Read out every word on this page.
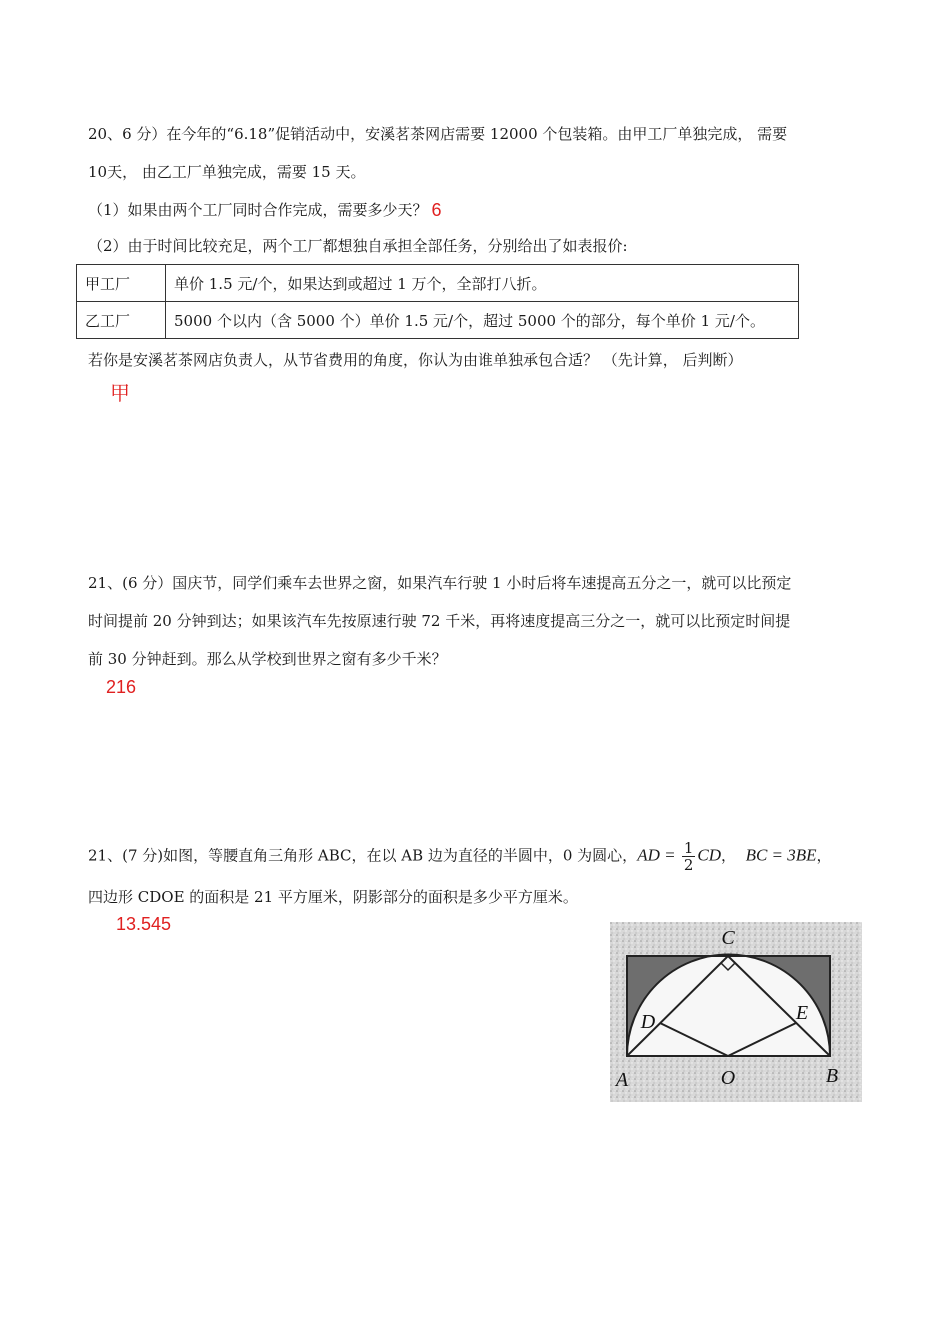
20、6 分）在今年的“6.18”促销活动中，安溪茗茶网店需要 12000 个包装箱。由甲工厂单独完成， 需要
10天， 由乙工厂单独完成，需要 15 天。
（1）如果由两个工厂同时合作完成，需要多少天？ 6
（2）由于时间比较充足，两个工厂都想独自承担全部任务，分别给出了如表报价:
甲工厂	单价 1.5 元/个，如果达到或超过 1 万个，全部打八折。
乙工厂	5000 个以内（含 5000 个）单价 1.5 元/个，超过 5000 个的部分，每个单价 1 元/个。
若你是安溪茗茶网店负责人，从节省费用的角度，你认为由谁单独承包合适？ （先计算， 后判断）
甲
21、(6 分）国庆节，同学们乘车去世界之窗，如果汽车行驶 1 小时后将车速提高五分之一，就可以比预定
时间提前 20 分钟到达；如果该汽车先按原速行驶 72 千米，再将速度提高三分之一，就可以比预定时间提
前 30 分钟赶到。那么从学校到世界之窗有多少千米？
216
21、(7 分)如图，等腰直角三角形 ABC，在以 AB 边为直径的半圆中，0 为圆心，AD = $\frac{1}{2}$ CD，  BC = 3BE，
四边形 CDOE 的面积是 21 平方厘米，阴影部分的面积是多少平方厘米。
13.545
C
D	E
A	O	B
